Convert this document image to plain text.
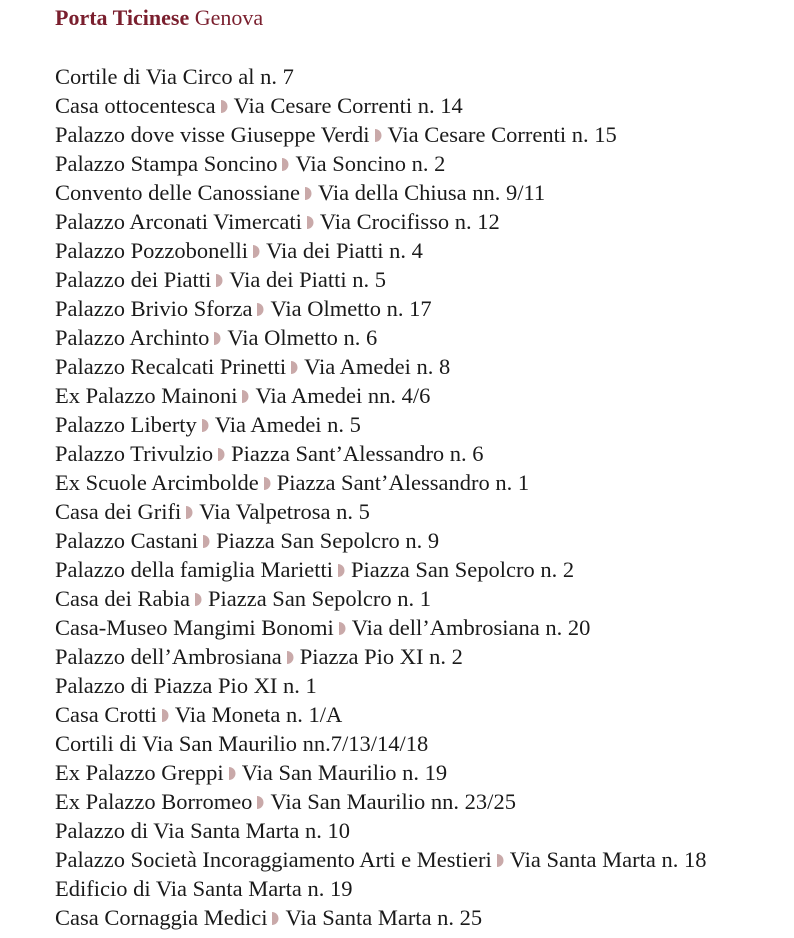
Porta Ticinese Genova
Cortile di Via Circo al n. 7
Casa ottocentesca Via Cesare Correnti n. 14
Palazzo dove visse Giuseppe Verdi Via Cesare Correnti n. 15
Palazzo Stampa Soncino Via Soncino n. 2
Convento delle Canossiane Via della Chiusa nn. 9/11
Palazzo Arconati Vimercati Via Crocifisso n. 12
Palazzo Pozzobonelli Via dei Piatti n. 4
Palazzo dei Piatti Via dei Piatti n. 5
Palazzo Brivio Sforza Via Olmetto n. 17
Palazzo Archinto Via Olmetto n. 6
Palazzo Recalcati Prinetti Via Amedei n. 8
Ex Palazzo Mainoni Via Amedei nn. 4/6
Palazzo Liberty Via Amedei n. 5
Palazzo Trivulzio Piazza Sant’Alessandro n. 6
Ex Scuole Arcimbolde Piazza Sant’Alessandro n. 1
Casa dei Grifi Via Valpetrosa n. 5
Palazzo Castani Piazza San Sepolcro n. 9
Palazzo della famiglia Marietti Piazza San Sepolcro n. 2
Casa dei Rabia Piazza San Sepolcro n. 1
Casa-Museo Mangimi Bonomi Via dell’Ambrosiana n. 20
Palazzo dell’Ambrosiana Piazza Pio XI n. 2
Palazzo di Piazza Pio XI n. 1
Casa Crotti Via Moneta n. 1/A
Cortili di Via San Maurilio nn.7/13/14/18
Ex Palazzo Greppi Via San Maurilio n. 19
Ex Palazzo Borromeo Via San Maurilio nn. 23/25
Palazzo di Via Santa Marta n. 10
Palazzo Società Incoraggiamento Arti e Mestieri Via Santa Marta n. 18
Edificio di Via Santa Marta n. 19
Casa Cornaggia Medici Via Santa Marta n. 25
